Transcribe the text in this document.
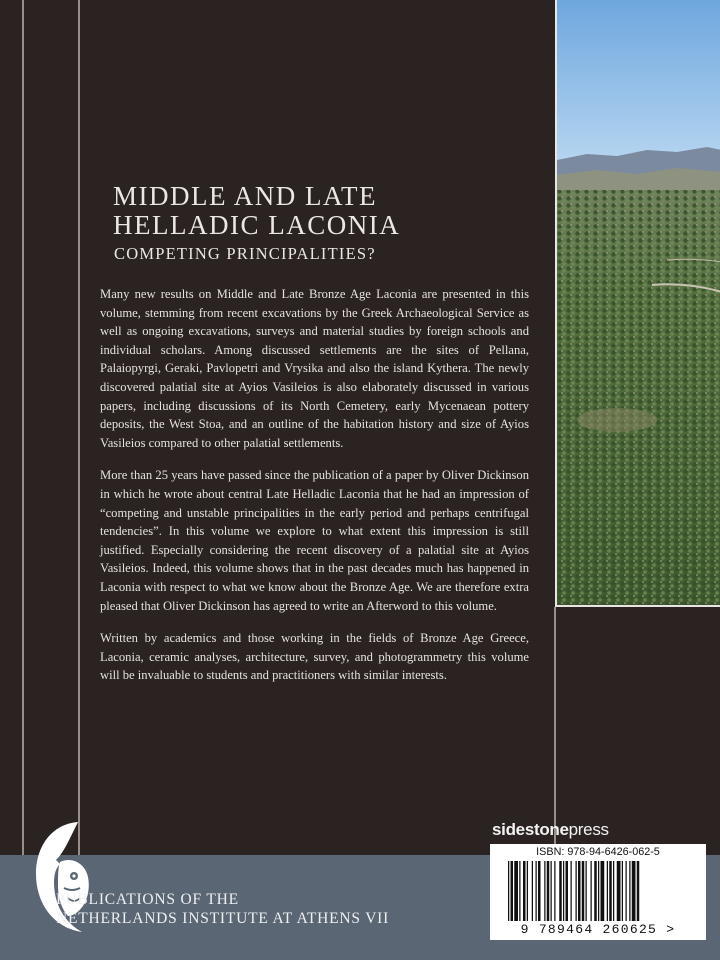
MIDDLE AND LATE
HELLADIC LACONIA
COMPETING PRINCIPALITIES?

Many new results on Middle and Late Bronze Age Laconia are presented in this volume, stemming from recent excavations by the Greek Archaeological Service as well as ongoing excavations, surveys and material studies by foreign schools and individual scholars. Among discussed settlements are the sites of Pellana, Palaiopyrgi, Geraki, Pavlopetri and Vrysika and also the island Kythera. The newly discovered palatial site at Ayios Vasileios is also elaborately discussed in various papers, including discussions of its North Cemetery, early Mycenaean pottery deposits, the West Stoa, and an outline of the habitation history and size of Ayios Vasileios compared to other palatial settlements.

More than 25 years have passed since the publication of a paper by Oliver Dickinson in which he wrote about central Late Helladic Laconia that he had an impression of “competing and unstable principalities in the early period and perhaps centrifugal tendencies”. In this volume we explore to what extent this impression is still justified. Especially considering the recent discovery of a palatial site at Ayios Vasileios. Indeed, this volume shows that in the past decades much has happened in Laconia with respect to what we know about the Bronze Age. We are therefore extra pleased that Oliver Dickinson has agreed to write an Afterword to this volume.

Written by academics and those working in the fields of Bronze Age Greece, Laconia, ceramic analyses, architecture, survey, and photogrammetry this volume will be invaluable to students and practitioners with similar interests.

PUBLICATIONS OF THE
NETHERLANDS INSTITUTE AT ATHENS VII
sidestonepress
ISBN: 978-94-6426-062-5
9 789464 260625 >
